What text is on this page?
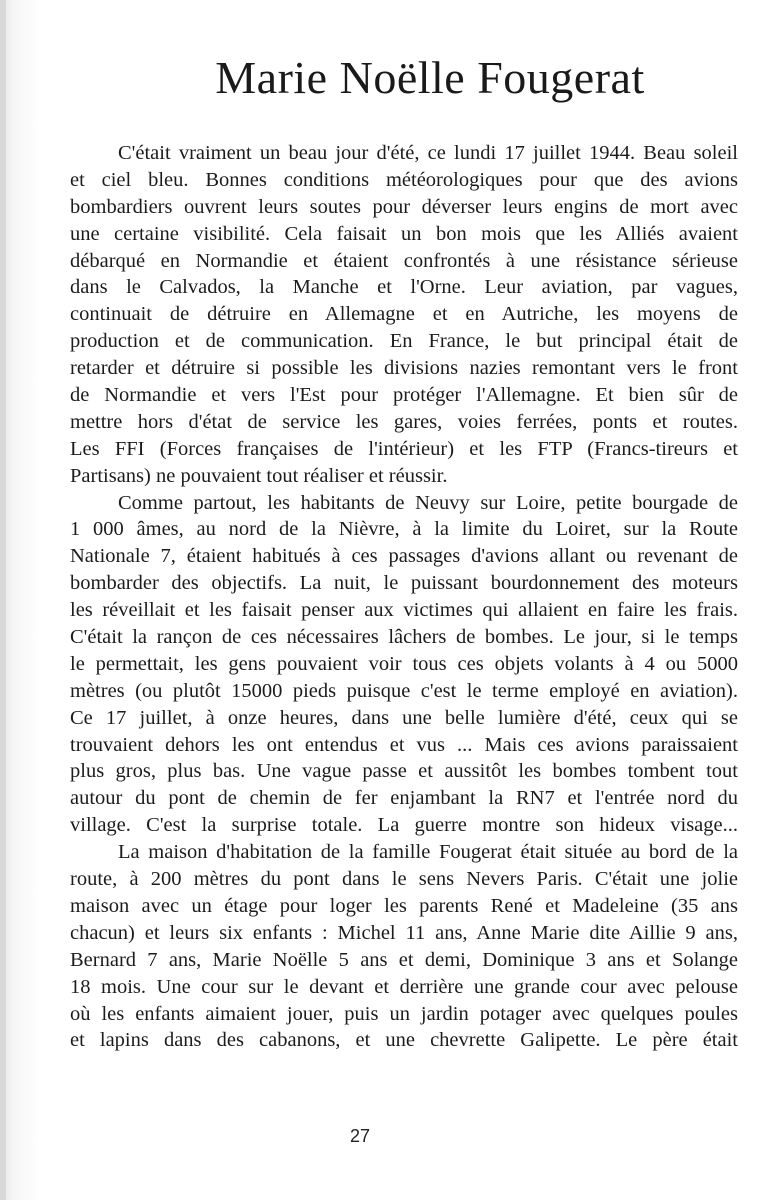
Marie Noëlle Fougerat
C'était vraiment un beau jour d'été, ce lundi 17 juillet 1944. Beau soleil
et ciel bleu. Bonnes conditions météorologiques pour que des avions
bombardiers ouvrent leurs soutes pour déverser leurs engins de mort avec
une certaine visibilité. Cela faisait un bon mois que les Alliés avaient
débarqué en Normandie et étaient confrontés à une résistance sérieuse
dans le Calvados, la Manche et l'Orne. Leur aviation, par vagues,
continuait de détruire en Allemagne et en Autriche, les moyens de
production et de communication. En France, le but principal était de
retarder et détruire si possible les divisions nazies remontant vers le front
de Normandie et vers l'Est pour protéger l'Allemagne. Et bien sûr de
mettre hors d'état de service les gares, voies ferrées, ponts et routes.
Les FFI (Forces françaises de l'intérieur) et les FTP (Francs-tireurs et
Partisans) ne pouvaient tout réaliser et réussir.
Comme partout, les habitants de Neuvy sur Loire, petite bourgade de
1 000 âmes, au nord de la Nièvre, à la limite du Loiret, sur la Route
Nationale 7, étaient habitués à ces passages d'avions allant ou revenant de
bombarder des objectifs. La nuit, le puissant bourdonnement des moteurs
les réveillait et les faisait penser aux victimes qui allaient en faire les frais.
C'était la rançon de ces nécessaires lâchers de bombes. Le jour, si le temps
le permettait, les gens pouvaient voir tous ces objets volants à 4 ou 5000
mètres (ou plutôt 15000 pieds puisque c'est le terme employé en aviation).
Ce 17 juillet, à onze heures, dans une belle lumière d'été, ceux qui se
trouvaient dehors les ont entendus et vus ... Mais ces avions paraissaient
plus gros, plus bas. Une vague passe et aussitôt les bombes tombent tout
autour du pont de chemin de fer enjambant la RN7 et l'entrée nord du
village. C'est la surprise totale. La guerre montre son hideux visage...
La maison d'habitation de la famille Fougerat était située au bord de la
route, à 200 mètres du pont dans le sens Nevers Paris. C'était une jolie
maison avec un étage pour loger les parents René et Madeleine (35 ans
chacun) et leurs six enfants : Michel 11 ans, Anne Marie dite Aillie 9 ans,
Bernard 7 ans, Marie Noëlle 5 ans et demi, Dominique 3 ans et Solange
18 mois. Une cour sur le devant et derrière une grande cour avec pelouse
où les enfants aimaient jouer, puis un jardin potager avec quelques poules
et lapins dans des cabanons, et une chevrette Galipette. Le père était
27
